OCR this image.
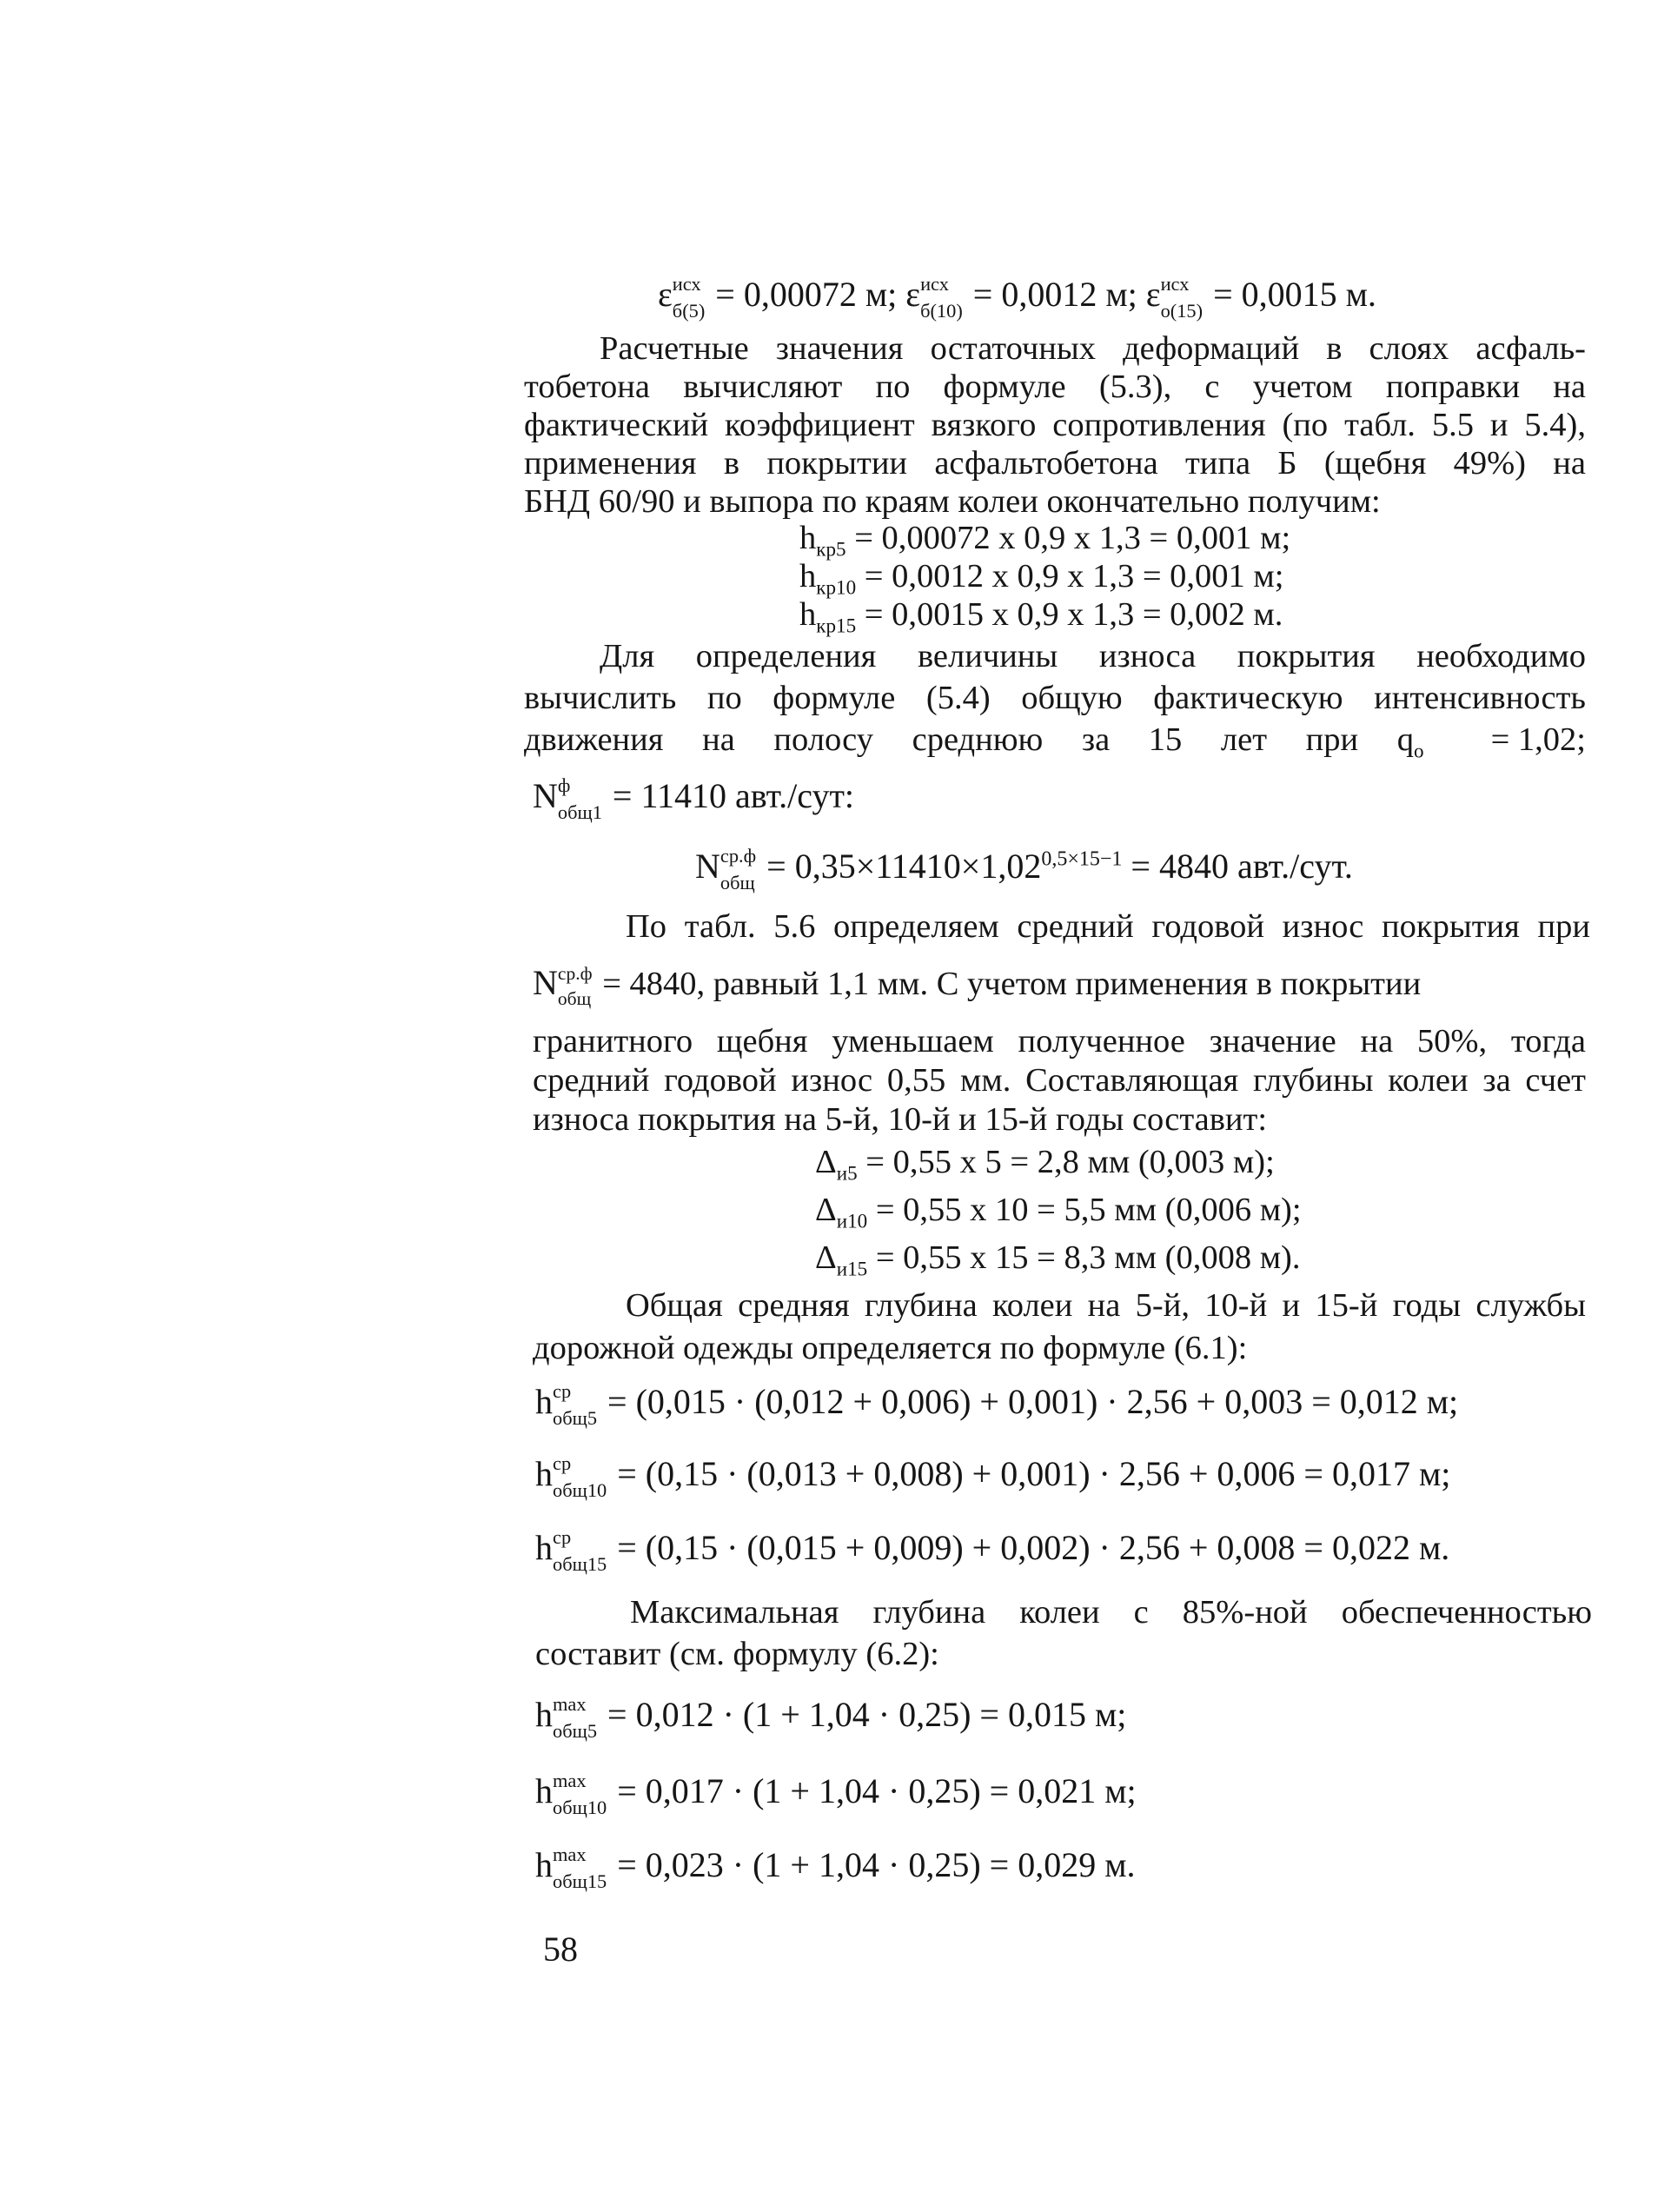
ε исх
б(5) = 0,00072 м; ε исх
б(10) = 0,0012 м; ε исх
о(15) = 0,0015 м.
Расчетные значения остаточных деформаций в слоях асфаль-
тобетона вычисляют по формуле (5.3), с учетом поправки на
фактический коэффициент вязкого сопротивления (по табл. 5.5 и 5.4),
применения в покрытии асфальтобетона типа Б (щебня 49%) на
БНД 60/90 и выпора по краям колеи окончательно получим:
$h_{кр5} = 0,00072$ х 0,9 х 1,3 = 0,001 м;
$h_{кр10} = 0,0012$ х 0,9 х 1,3 = 0,001 м;
$h_{кр15} = 0,0015$ х 0,9 х 1,3 = 0,002 м.
Для определения величины износа покрытия необходимо
вычислить по формуле (5.4) общую фактическую интенсивность
движения на полосу среднюю за 15 лет при $q_о = 1,02$;
N ф
общ1 = 11410 авт./сут:
N ср.ф
общ = $0,35\times 11410\times 1,02^{0,5\times 15-1} = 4840$ авт./сут.
По табл. 5.6 определяем средний годовой износ покрытия при
N ср.ф
общ = 4840, равный 1,1 мм. С учетом применения в покрытии
гранитного щебня уменьшаем полученное значение на 50%, тогда
средний годовой износ 0,55 мм. Составляющая глубины колеи за счет
износа покрытия на 5-й, 10-й и 15-й годы составит:
$\Delta_{и5} = 0,55$ х 5 = 2,8 мм (0,003 м);
$\Delta_{и10} = 0,55$ х 10 = 5,5 мм (0,006 м);
$\Delta_{и15} = 0,55$ х 15 = 8,3 мм (0,008 м).
Общая средняя глубина колеи на 5-й, 10-й и 15-й годы службы
дорожной одежды определяется по формуле (6.1):
h ср
общ5 = (0,015 · (0,012 + 0,006) + 0,001) · 2,56 + 0,003 = 0,012 м;
h ср
общ10 = (0,15 · (0,013 + 0,008) + 0,001) · 2,56 + 0,006 = 0,017 м;
h ср
общ15 = (0,15 · (0,015 + 0,009) + 0,002) · 2,56 + 0,008 = 0,022 м.
Максимальная глубина колеи с 85%-ной обеспеченностью
составит (см. формулу (6.2):
h max
общ5 = 0,012 · (1 + 1,04 · 0,25) = 0,015 м;
h max
общ10 = 0,017 · (1 + 1,04 · 0,25) = 0,021 м;
h max
общ15 = 0,023 · (1 + 1,04 · 0,25) = 0,029 м.
58
